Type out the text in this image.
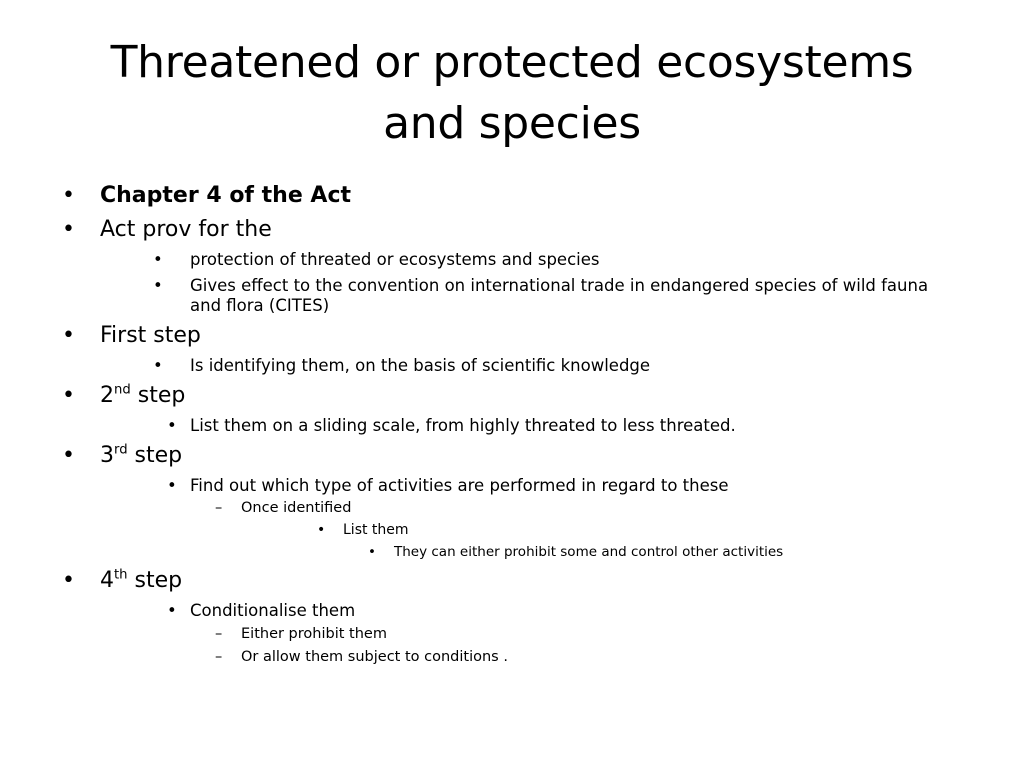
Threatened or protected ecosystems
and species
• Chapter 4 of the Act
• Act prov for the
• protection of threated or ecosystems and species
• Gives effect to the convention on international trade in endangered species of wild fauna
and flora (CITES)
• First step
• Is identifying them, on the basis of scientific knowledge
• 2nd step
• List them on a sliding scale, from highly threated to less threated.
• 3rd step
• Find out which type of activities are performed in regard to these
– Once identified
• List them
• They can either prohibit some and control other activities
• 4th step
• Conditionalise them
– Either prohibit them
– Or allow them subject to conditions .
